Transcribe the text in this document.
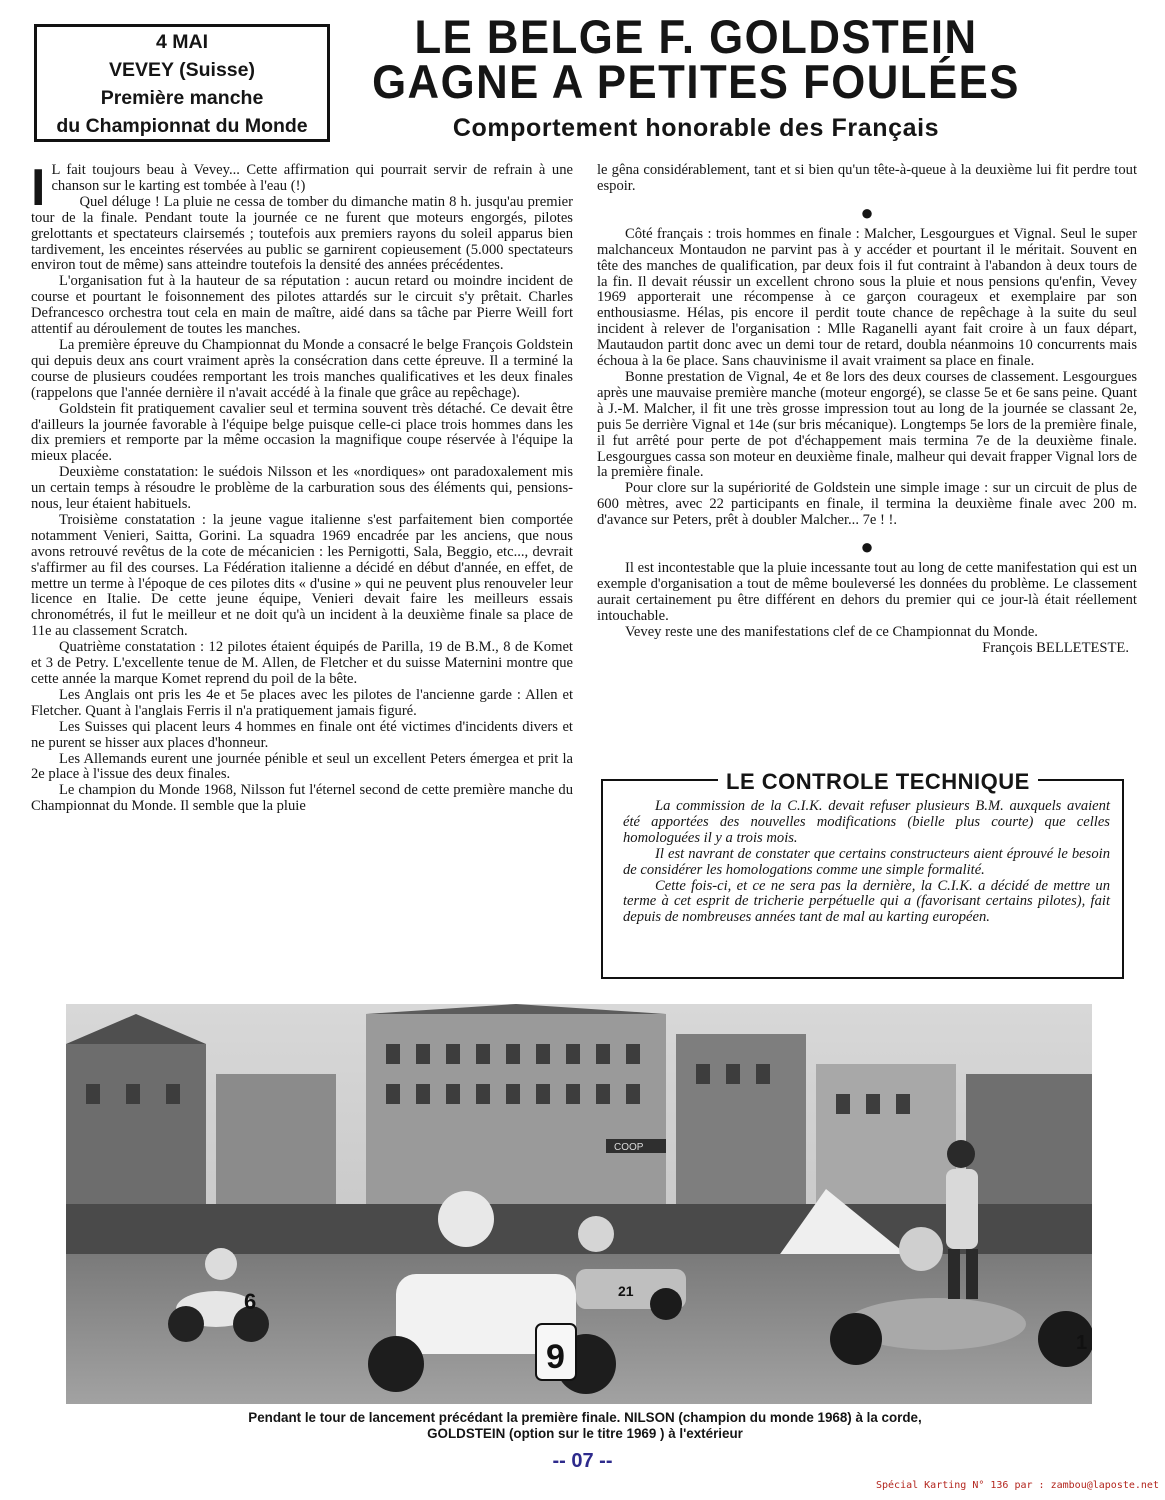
4 MAI
VEVEY (Suisse)
Première manche
du Championnat du Monde
LE BELGE F. GOLDSTEIN
GAGNE A PETITES FOULÉES
Comportement honorable des Français
I L fait toujours beau à Vevey... Cette affirmation qui pourrait servir de refrain à une chanson sur le karting est tombée à l'eau (!)

Quel déluge ! La pluie ne cessa de tomber du dimanche matin 8 h. jusqu'au premier tour de la finale. Pendant toute la journée ce ne furent que moteurs engorgés, pilotes grelottants et spectateurs clairsemés ; toutefois aux premiers rayons du soleil apparus bien tardivement, les enceintes réservées au public se garnirent copieusement (5.000 spectateurs environ tout de même) sans atteindre toutefois la densité des années précédentes.

L'organisation fut à la hauteur de sa réputation : aucun retard ou moindre incident de course et pourtant le foisonnement des pilotes attardés sur le circuit s'y prêtait. Charles Defrancesco orchestra tout cela en main de maître, aidé dans sa tâche par Pierre Weill fort attentif au déroulement de toutes les manches.

La première épreuve du Championnat du Monde a consacré le belge François Goldstein qui depuis deux ans court vraiment après la consécration dans cette épreuve. Il a terminé la course de plusieurs coudées remportant les trois manches qualificatives et les deux finales (rappelons que l'année dernière il n'avait accédé à la finale que grâce au repêchage).

Goldstein fit pratiquement cavalier seul et termina souvent très détaché. Ce devait être d'ailleurs la journée favorable à l'équipe belge puisque celle-ci place trois hommes dans les dix premiers et remporte par la même occasion la magnifique coupe réservée à l'équipe la mieux placée.

Deuxième constatation: le suédois Nilsson et les «nordiques» ont paradoxalement mis un certain temps à résoudre le problème de la carburation sous des éléments qui, pensions-nous, leur étaient habituels.

Troisième constatation : la jeune vague italienne s'est parfaitement bien comportée notamment Venieri, Saitta, Gorini. La squadra 1969 encadrée par les anciens, que nous avons retrouvé revêtus de la cote de mécanicien : les Pernigotti, Sala, Beggio, etc..., devrait s'affirmer au fil des courses. La Fédération italienne a décidé en début d'année, en effet, de mettre un terme à l'époque de ces pilotes dits « d'usine » qui ne peuvent plus renouveler leur licence en Italie. De cette jeune équipe, Venieri devait faire les meilleurs essais chronométrés, il fut le meilleur et ne doit qu'à un incident à la deuxième finale sa place de 11e au classement Scratch.

Quatrième constatation : 12 pilotes étaient équipés de Parilla, 19 de B.M., 8 de Komet et 3 de Petry. L'excellente tenue de M. Allen, de Fletcher et du suisse Maternini montre que cette année la marque Komet reprend du poil de la bête.

Les Anglais ont pris les 4e et 5e places avec les pilotes de l'ancienne garde : Allen et Fletcher. Quant à l'anglais Ferris il n'a pratiquement jamais figuré.

Les Suisses qui placent leurs 4 hommes en finale ont été victimes d'incidents divers et ne purent se hisser aux places d'honneur.

Les Allemands eurent une journée pénible et seul un excellent Peters émergea et prit la 2e place à l'issue des deux finales.

Le champion du Monde 1968, Nilsson fut l'éternel second de cette première manche du Championnat du Monde. Il semble que la pluie

le gêna considérablement, tant et si bien qu'un tête-à-queue à la deuxième lui fit perdre tout espoir.

●

Côté français : trois hommes en finale : Malcher, Lesgourgues et Vignal. Seul le super malchanceux Montaudon ne parvint pas à y accéder et pourtant il le méritait. Souvent en tête des manches de qualification, par deux fois il fut contraint à l'abandon à deux tours de la fin. Il devait réussir un excellent chrono sous la pluie et nous pensions qu'enfin, Vevey 1969 apporterait une récompense à ce garçon courageux et exemplaire par son enthousiasme. Hélas, pis encore il perdit toute chance de repêchage à la suite du seul incident à relever de l'organisation : Mlle Raganelli ayant fait croire à un faux départ, Mautaudon partit donc avec un demi tour de retard, doubla néanmoins 10 concurrents mais échoua à la 6e place. Sans chauvinisme il avait vraiment sa place en finale.

Bonne prestation de Vignal, 4e et 8e lors des deux courses de classement. Lesgourgues après une mauvaise première manche (moteur engorgé), se classe 5e et 6e sans peine. Quant à J.-M. Malcher, il fit une très grosse impression tout au long de la journée se classant 2e, puis 5e derrière Vignal et 14e (sur bris mécanique). Longtemps 5e lors de la première finale, il fut arrêté pour perte de pot d'échappement mais termina 7e de la deuxième finale. Lesgourgues cassa son moteur en deuxième finale, malheur qui devait frapper Vignal lors de la première finale.

Pour clore sur la supériorité de Goldstein une simple image : sur un circuit de plus de 600 mètres, avec 22 participants en finale, il termina la deuxième finale avec 200 m. d'avance sur Peters, prêt à doubler Malcher... 7e ! !.

●

Il est incontestable que la pluie incessante tout au long de cette manifestation qui est un exemple d'organisation a tout de même bouleversé les données du problème. Le classement aurait certainement pu être différent en dehors du premier qui ce jour-là était réellement intouchable.

Vevey reste une des manifestations clef de ce Championnat du Monde.

François BELLETESTE.
LE CONTROLE TECHNIQUE

La commission de la C.I.K. devait refuser plusieurs B.M. auxquels avaient été apportées des nouvelles modifications (bielle plus courte) que celles homologuées il y a trois mois.

Il est navrant de constater que certains constructeurs aient éprouvé le besoin de considérer les homologations comme une simple formalité.

Cette fois-ci, et ce ne sera pas la dernière, la C.I.K. a décidé de mettre un terme à cet esprit de tricherie perpétuelle qui a (favorisant certains pilotes), fait depuis de nombreuses années tant de mal au karting européen.

COOP
6
9
21
1
Pendant le tour de lancement précédant la première finale. NILSON (champion du monde 1968) à la corde,
GOLDSTEIN (option sur le titre 1969 ) à l'extérieur
-- 07 --
Spécial Karting N° 136 par : zambou@laposte.net
